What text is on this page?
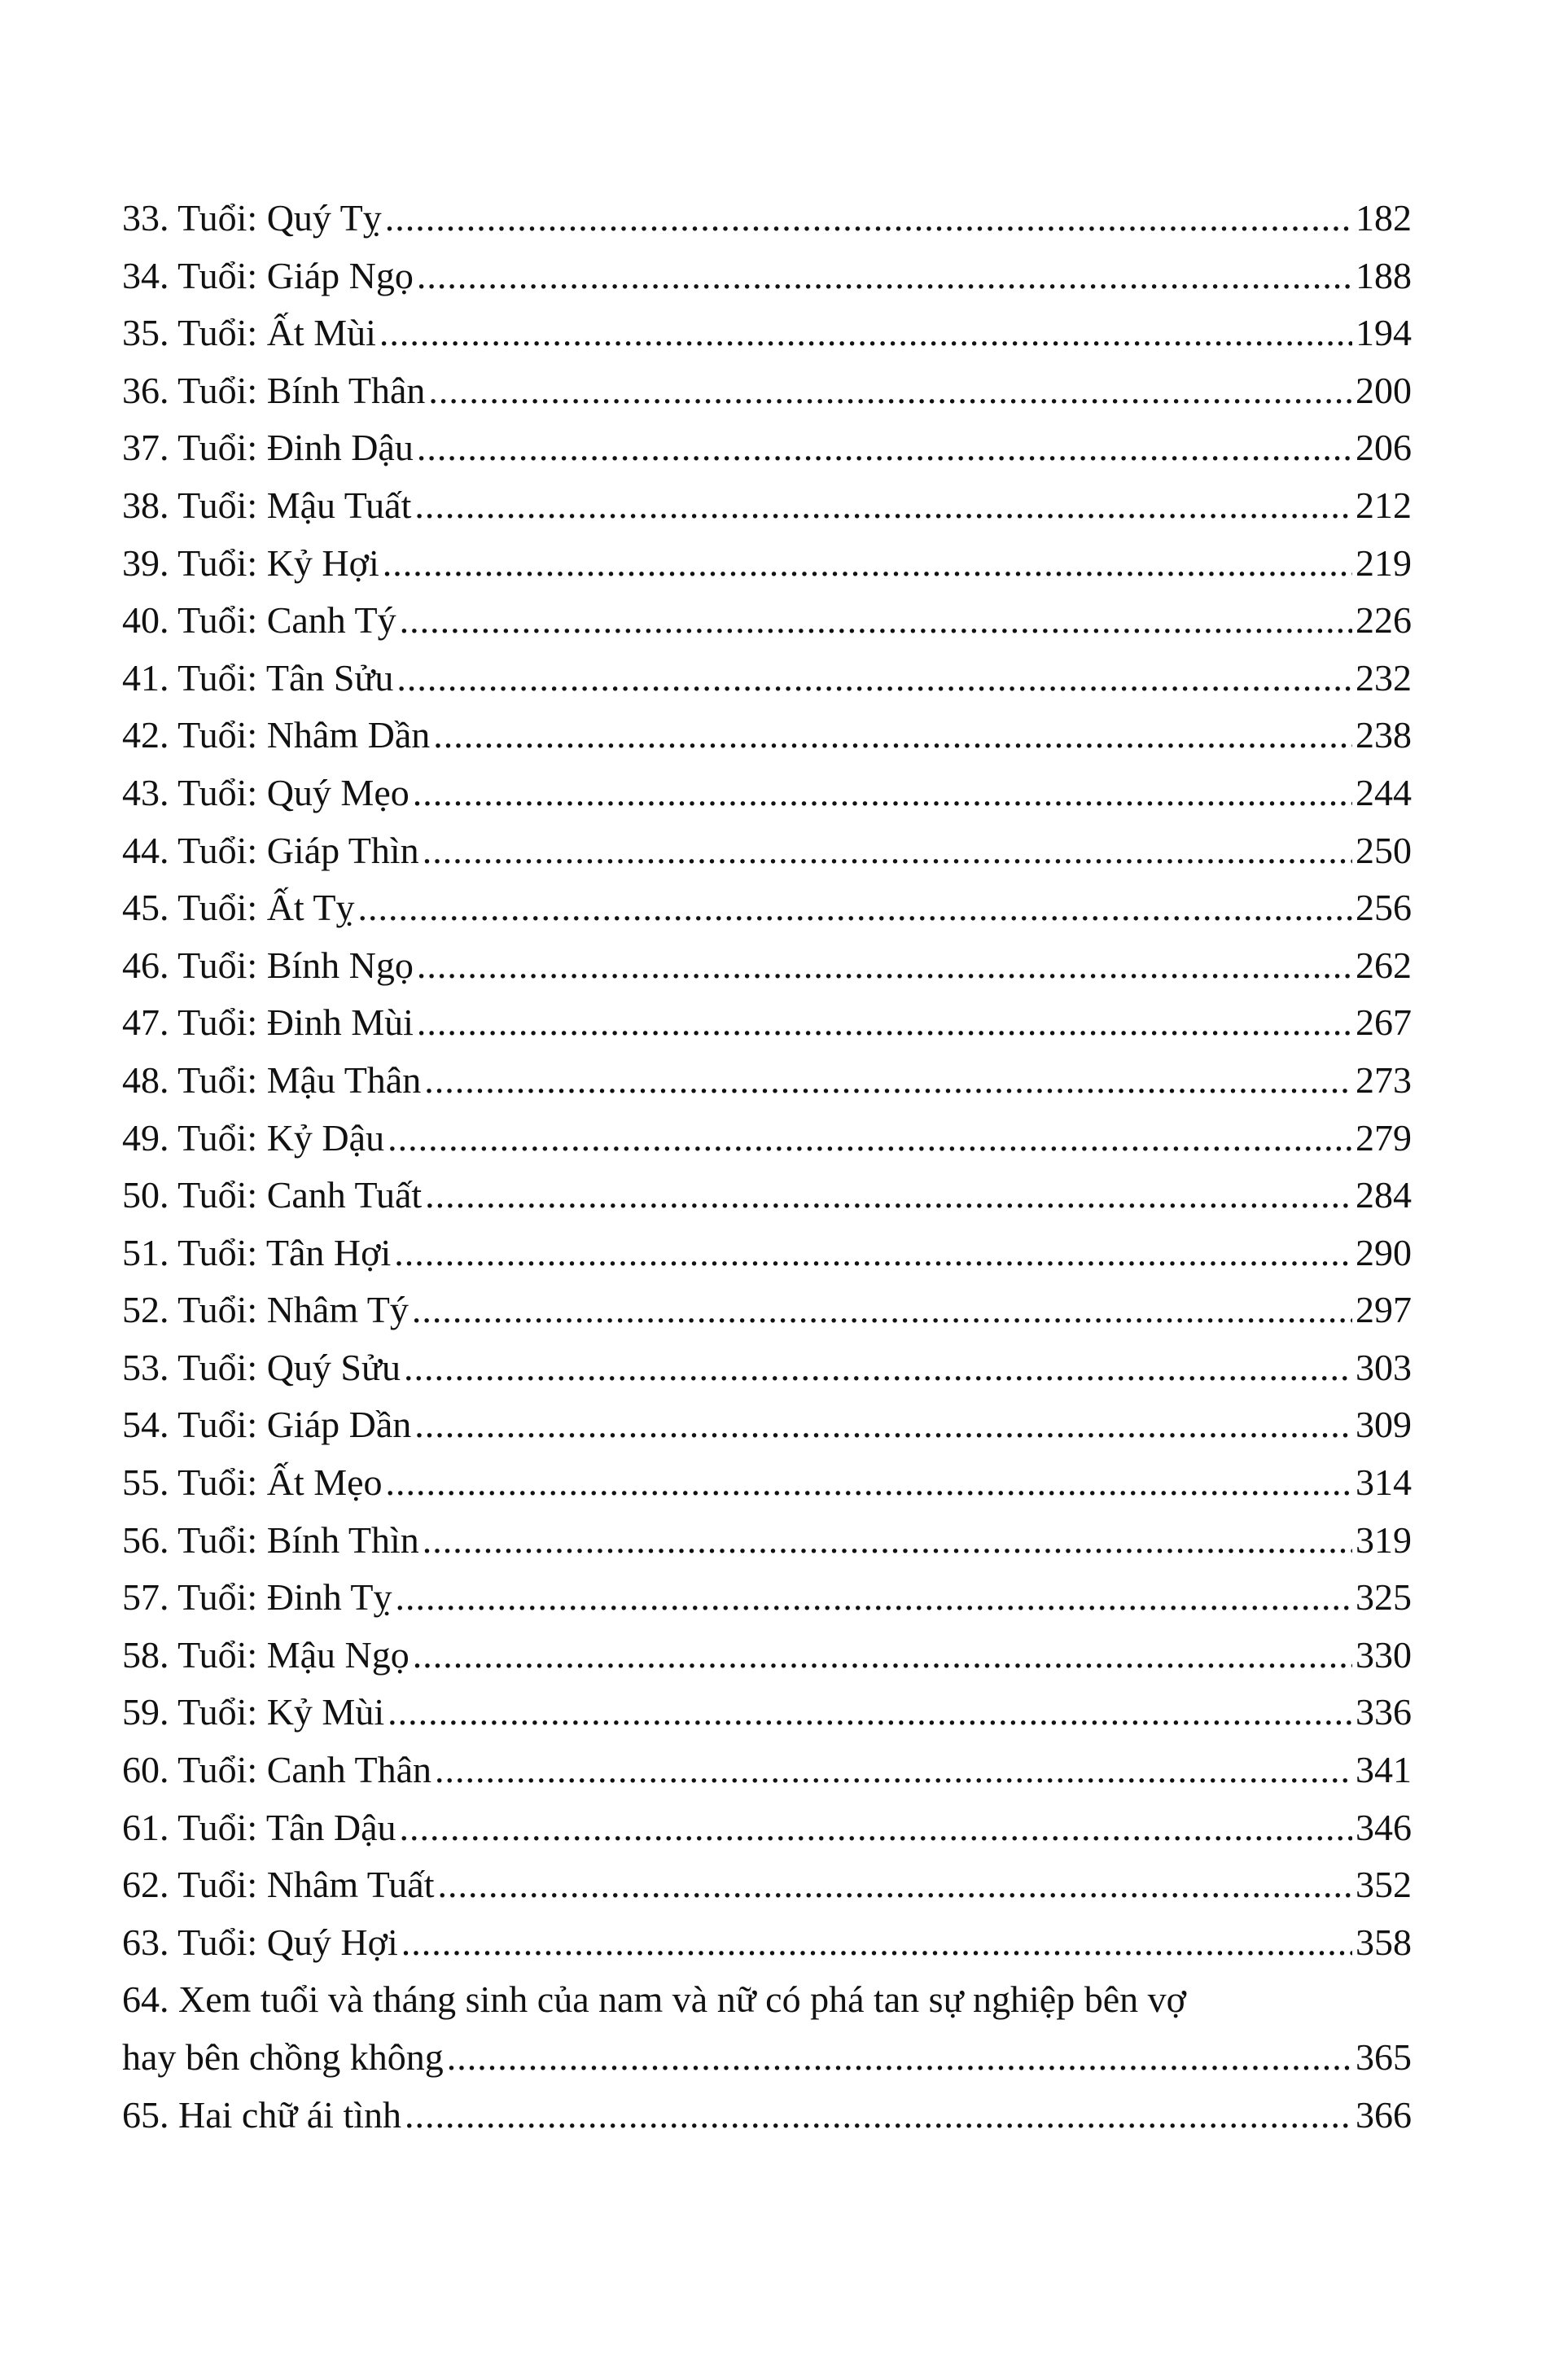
33. Tuổi: Quý Tỵ .....	182
34. Tuổi: Giáp Ngọ .....	188
35. Tuổi: Ất Mùi .....	194
36. Tuổi: Bính Thân .....	200
37. Tuổi: Đinh Dậu .....	206
38. Tuổi: Mậu Tuất .....	212
39. Tuổi: Kỷ Hợi .....	219
40. Tuổi: Canh Tý .....	226
41. Tuổi: Tân Sửu .....	232
42. Tuổi: Nhâm Dần .....	238
43. Tuổi: Quý Mẹo .....	244
44. Tuổi: Giáp Thìn .....	250
45. Tuổi: Ất Tỵ .....	256
46. Tuổi: Bính Ngọ .....	262
47. Tuổi: Đinh Mùi .....	267
48. Tuổi: Mậu Thân .....	273
49. Tuổi: Kỷ Dậu .....	279
50. Tuổi: Canh Tuất .....	284
51. Tuổi: Tân Hợi .....	290
52. Tuổi: Nhâm Tý .....	297
53. Tuổi: Quý Sửu .....	303
54. Tuổi: Giáp Dần .....	309
55. Tuổi: Ất Mẹo .....	314
56. Tuổi: Bính Thìn .....	319
57. Tuổi: Đinh Tỵ .....	325
58. Tuổi: Mậu Ngọ .....	330
59. Tuổi: Kỷ Mùi .....	336
60. Tuổi: Canh Thân .....	341
61. Tuổi: Tân Dậu .....	346
62. Tuổi: Nhâm Tuất .....	352
63. Tuổi: Quý Hợi .....	358
64. Xem tuổi và tháng sinh của nam và nữ có phá tan sự nghiệp bên vợ
hay bên chồng không .....	365
65. Hai chữ ái tình .....	366
